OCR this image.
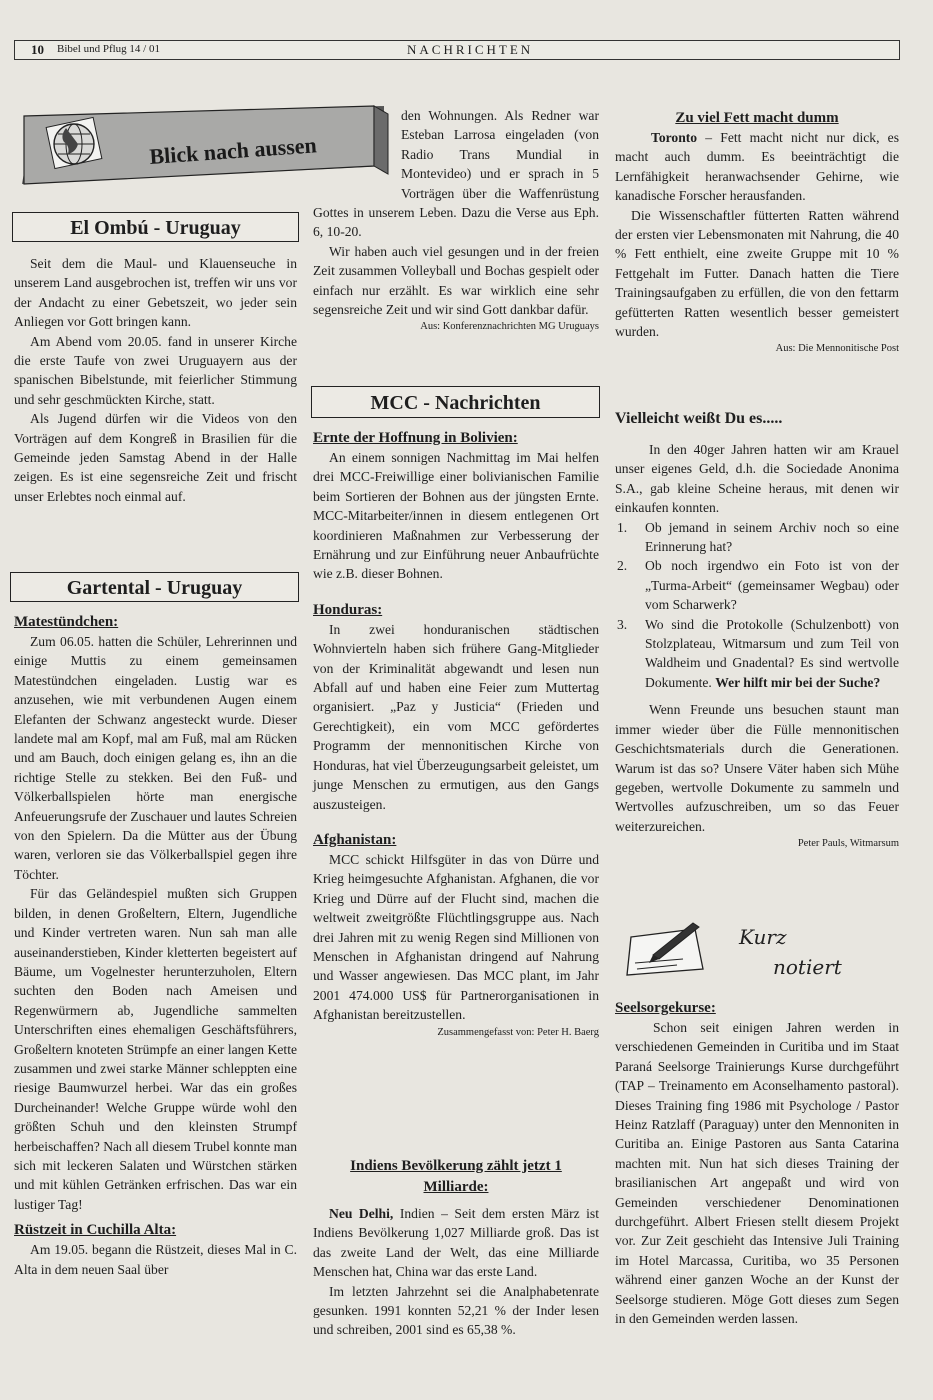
10 Bibel und Pflug 14 / 01	NACHRICHTEN
Blick nach aussen
El Ombú - Uruguay

Seit dem die Maul- und Klauenseuche in unserem Land ausgebrochen ist, treffen wir uns vor der Andacht zu einer Gebetszeit, wo jeder sein Anliegen vor Gott bringen kann.

Am Abend vom 20.05. fand in unserer Kirche die erste Taufe von zwei Uruguayern aus der spanischen Bibelstunde, mit feierlicher Stimmung und sehr geschmückten Kirche, statt.

Als Jugend dürfen wir die Videos von den Vorträgen auf dem Kongreß in Brasilien für die Gemeinde jeden Samstag Abend in der Halle zeigen. Es ist eine segensreiche Zeit und frischt unser Erlebtes noch einmal auf.

Gartental - Uruguay
Matestündchen:

Zum 06.05. hatten die Schüler, Lehrerinnen und einige Muttis zu einem gemeinsamen Matestündchen eingeladen. Lustig war es anzusehen, wie mit verbundenen Augen einem Elefanten der Schwanz angesteckt wurde. Dieser landete mal am Kopf, mal am Fuß, mal am Rücken und am Bauch, doch einigen gelang es, ihn an die richtige Stelle zu stekken. Bei den Fuß- und Völkerballspielen hörte man energische Anfeuerungsrufe der Zuschauer und lautes Schreien von den Spielern. Da die Mütter aus der Übung waren, verloren sie das Völkerballspiel gegen ihre Töchter.

Für das Geländespiel mußten sich Gruppen bilden, in denen Großeltern, Eltern, Jugendliche und Kinder vertreten waren. Nun sah man alle auseinanderstieben, Kinder kletterten begeistert auf Bäume, um Vogelnester herunterzuholen, Eltern suchten den Boden nach Ameisen und Regenwürmern ab, Jugendliche sammelten Unterschriften eines ehemaligen Geschäftsführers, Großeltern knoteten Strümpfe an einer langen Kette zusammen und zwei starke Männer schleppten eine riesige Baumwurzel herbei. War das ein großes Durcheinander! Welche Gruppe würde wohl den größten Schuh und den kleinsten Strumpf herbeischaffen? Nach all diesem Trubel konnte man sich mit leckeren Salaten und Würstchen stärken und mit kühlen Getränken erfrischen. Das war ein lustiger Tag!

Rüstzeit in Cuchilla Alta:

Am 19.05. begann die Rüstzeit, dieses Mal in C. Alta in dem neuen Saal über

den Wohnungen. Als Redner war Esteban Larrosa eingeladen (von Radio Trans Mundial in Montevideo) und er sprach in 5 Vorträgen über die Waffenrüstung Gottes in unserem Leben. Dazu die Verse aus Eph. 6, 10-20.

Wir haben auch viel gesungen und in der freien Zeit zusammen Volleyball und Bochas gespielt oder einfach nur erzählt. Es war wirklich eine sehr segensreiche Zeit und wir sind Gott dankbar dafür.

Aus: Konferenznachrichten MG Uruguays
MCC - Nachrichten
Ernte der Hoffnung in Bolivien:

An einem sonnigen Nachmittag im Mai helfen drei MCC-Freiwillige einer bolivianischen Familie beim Sortieren der Bohnen aus der jüngsten Ernte. MCC-Mitarbeiter/innen in diesem entlegenen Ort koordinieren Maßnahmen zur Verbesserung der Ernährung und zur Einführung neuer Anbaufrüchte wie z.B. dieser Bohnen.

Honduras:

In zwei honduranischen städtischen Wohnvierteln haben sich frühere Gang-Mitglieder von der Kriminalität abgewandt und lesen nun Abfall auf und haben eine Feier zum Muttertag organisiert. „Paz y Justicia“ (Frieden und Gerechtigkeit), ein vom MCC gefördertes Programm der mennonitischen Kirche von Honduras, hat viel Überzeugungsarbeit geleistet, um junge Menschen zu ermutigen, aus den Gangs auszusteigen.

Afghanistan:

MCC schickt Hilfsgüter in das von Dürre und Krieg heimgesuchte Afghanistan. Afghanen, die vor Krieg und Dürre auf der Flucht sind, machen die weltweit zweitgrößte Flüchtlingsgruppe aus. Nach drei Jahren mit zu wenig Regen sind Millionen von Menschen in Afghanistan dringend auf Nahrung und Wasser angewiesen. Das MCC plant, im Jahr 2001 474.000 US$ für Partnerorganisationen in Afghanistan bereitzustellen.

Zusammengefasst von: Peter H. Baerg
Indiens Bevölkerung zählt jetzt 1 Milliarde:

Neu Delhi, Indien – Seit dem ersten März ist Indiens Bevölkerung 1,027 Milliarde groß. Das ist das zweite Land der Welt, das eine Milliarde Menschen hat, China war das erste Land.

Im letzten Jahrzehnt sei die Analphabetenrate gesunken. 1991 konnten 52,21 % der Inder lesen und schreiben, 2001 sind es 65,38 %.

Zu viel Fett macht dumm

Toronto – Fett macht nicht nur dick, es macht auch dumm. Es beeinträchtigt die Lernfähigkeit heranwachsender Gehirne, wie kanadische Forscher herausfanden.

Die Wissenschaftler fütterten Ratten während der ersten vier Lebensmonaten mit Nahrung, die 40 % Fett enthielt, eine zweite Gruppe mit 10 % Fettgehalt im Futter. Danach hatten die Tiere Trainingsaufgaben zu erfüllen, die von den fettarm gefütterten Ratten wesentlich besser gemeistert wurden.

Aus: Die Mennonitische Post
Vielleicht weißt Du es.....

In den 40ger Jahren hatten wir am Krauel unser eigenes Geld, d.h. die Sociedade Anonima S.A., gab kleine Scheine heraus, mit denen wir einkaufen konnten.

1. Ob jemand in seinem Archiv noch so eine Erinnerung hat?
2. Ob noch irgendwo ein Foto ist von der „Turma-Arbeit“ (gemeinsamer Wegbau) oder vom Scharwerk?
3. Wo sind die Protokolle (Schulzenbott) von Stolzplateau, Witmarsum und zum Teil von Waldheim und Gnadental? Es sind wertvolle Dokumente. Wer hilft mir bei der Suche?

Wenn Freunde uns besuchen staunt man immer wieder über die Fülle mennonitischen Geschichtsmaterials durch die Generationen. Warum ist das so? Unsere Väter haben sich Mühe gegeben, wertvolle Dokumente zu sammeln und Wertvolles aufzuschreiben, um so das Feuer weiterzureichen.

Peter Pauls, Witmarsum
Seelsorgekurse:

Schon seit einigen Jahren werden in verschiedenen Gemeinden in Curitiba und im Staat Paraná Seelsorge Trainierungs Kurse durchgeführt (TAP – Treinamento em Aconselhamento pastoral). Dieses Training fing 1986 mit Psychologe / Pastor Heinz Ratzlaff (Paraguay) unter den Mennoniten in Curitiba an. Einige Pastoren aus Santa Catarina machten mit. Nun hat sich dieses Training der brasilianischen Art angepaßt und wird von Gemeinden verschiedener Denominationen durchgeführt. Albert Friesen stellt diesem Projekt vor. Zur Zeit geschieht das Intensive Juli Training im Hotel Marcassa, Curitiba, wo 35 Personen während einer ganzen Woche an der Kunst der Seelsorge studieren. Möge Gott dieses zum Segen in den Gemeinden werden lassen.

Kurz
notiert
